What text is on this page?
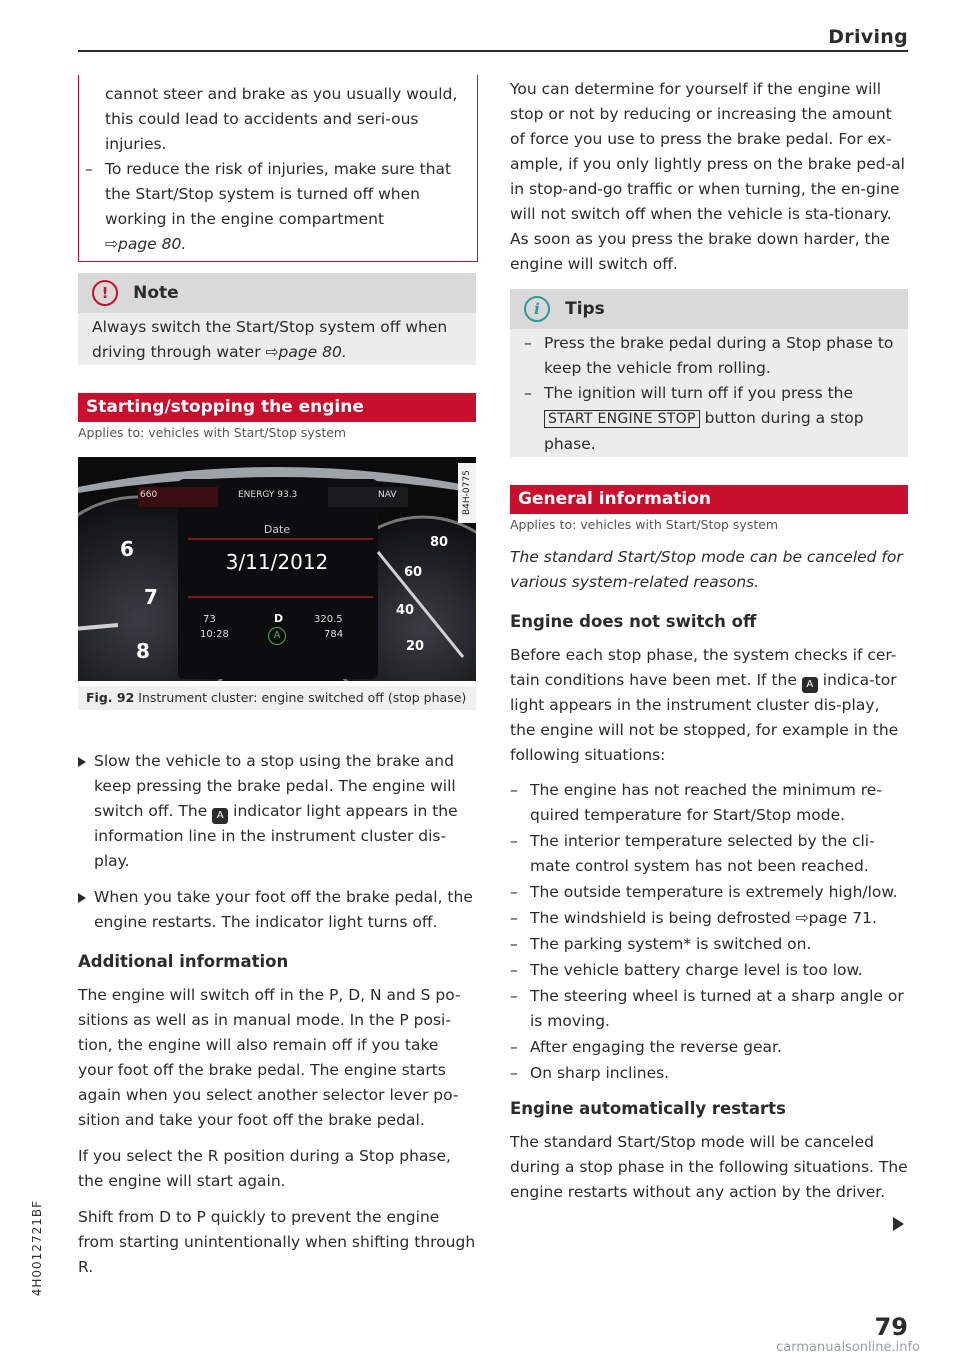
Driving

cannot steer and brake as you usually would, this could lead to accidents and seri-ous injuries.

– To reduce the risk of injuries, make sure that the Start/Stop system is turned off when working in the engine compartment
⇨page 80.
! Note
Always switch the Start/Stop system off when driving through water ⇨page 80.
Starting/stopping the engine
Applies to: vehicles with Start/Stop system
660	ENERGY 93.3	NAV
Date
3/11/2012
73
10:28
D
A
320.5
784
6
7
8
80
60
40
20
B4H-0775
Fig. 92 Instrument cluster: engine switched off (stop phase)

Slow the vehicle to a stop using the brake and keep pressing the brake pedal. The engine will switch off. The A indicator light appears in the information line in the instrument cluster dis-play.

When you take your foot off the brake pedal, the engine restarts. The indicator light turns off.

Additional information

The engine will switch off in the P, D, N and S po-sitions as well as in manual mode. In the P posi-tion, the engine will also remain off if you take your foot off the brake pedal. The engine starts again when you select another selector lever po-sition and take your foot off the brake pedal.

If you select the R position during a Stop phase, the engine will start again.

Shift from D to P quickly to prevent the engine from starting unintentionally when shifting through R.

You can determine for yourself if the engine will stop or not by reducing or increasing the amount of force you use to press the brake pedal. For ex-ample, if you only lightly press on the brake ped-al in stop-and-go traffic or when turning, the en-gine will not switch off when the vehicle is sta-tionary. As soon as you press the brake down harder, the engine will switch off.

i Tips
– Press the brake pedal during a Stop phase to keep the vehicle from rolling.
– The ignition will turn off if you press the START ENGINE STOP button during a stop phase.
General information
Applies to: vehicles with Start/Stop system

The standard Start/Stop mode can be canceled for various system-related reasons.

Engine does not switch off

Before each stop phase, the system checks if cer-tain conditions have been met. If the A indica-tor light appears in the instrument cluster dis-play, the engine will not be stopped, for example in the following situations:

– The engine has not reached the minimum re-quired temperature for Start/Stop mode.
– The interior temperature selected by the cli-mate control system has not been reached.
– The outside temperature is extremely high/low.
– The windshield is being defrosted ⇨page 71.
– The parking system* is switched on.
– The vehicle battery charge level is too low.
– The steering wheel is turned at a sharp angle or is moving.
– After engaging the reverse gear.
– On sharp inclines.

Engine automatically restarts

The standard Start/Stop mode will be canceled during a stop phase in the following situations. The engine restarts without any action by the driver.

79
4H0012721BF
carmanualsonline.info
